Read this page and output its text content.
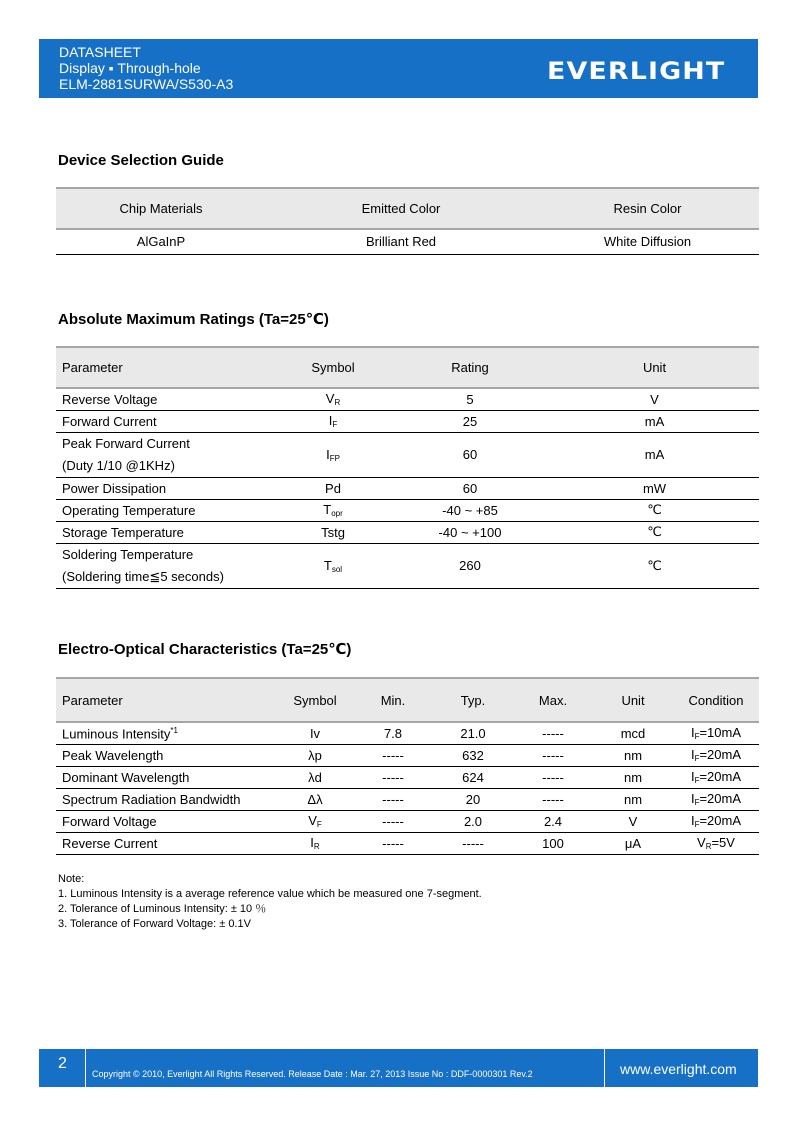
DATASHEET
Display ▪ Through-hole
ELM-2881SURWA/S530-A3	EVERLIGHT
Device Selection Guide
Chip Materials	Emitted Color	Resin Color
AlGaInP	Brilliant Red	White Diffusion
Absolute Maximum Ratings (Ta=25℃)
Parameter	Symbol	Rating	Unit
Reverse Voltage	$V_R$	5	V
Forward Current	$I_F$	25	mA

Peak Forward Current
(Duty 1/10 @1KHz)	$I_{FP}$	60	mA
Power Dissipation	Pd	60	mW
Operating Temperature	$T_{opr}$	-40 ~ +85	℃
Storage Temperature	Tstg	-40 ~ +100	℃

Soldering Temperature
(Soldering time≦5 seconds)	$T_{sol}$	260	℃
Electro-Optical Characteristics (Ta=25℃)
Parameter	Symbol	Min.	Typ.	Max.	Unit	Condition
Luminous Intensity$^{*1}$	Iv	7.8	21.0	-----	mcd	$I_F=10mA$
Peak Wavelength	λp	-----	632	-----	nm	$I_F=20mA$
Dominant Wavelength	λd	-----	624	-----	nm	$I_F=20mA$
Spectrum Radiation Bandwidth	Δλ	-----	20	-----	nm	$I_F=20mA$
Forward Voltage	$V_F$	-----	2.0	2.4	V	$I_F=20mA$
Reverse Current	$I_R$	-----	-----	100	μA	$V_R=5V$
Note:
1. Luminous Intensity is a average reference value which be measured one 7-segment.
2. Tolerance of Luminous Intensity: ± 10 ％
3. Tolerance of Forward Voltage: ± 0.1V
2
Copyright © 2010, Everlight All Rights Reserved. Release Date : Mar. 27, 2013 Issue No : DDF-0000301 Rev.2	www.everlight.com
